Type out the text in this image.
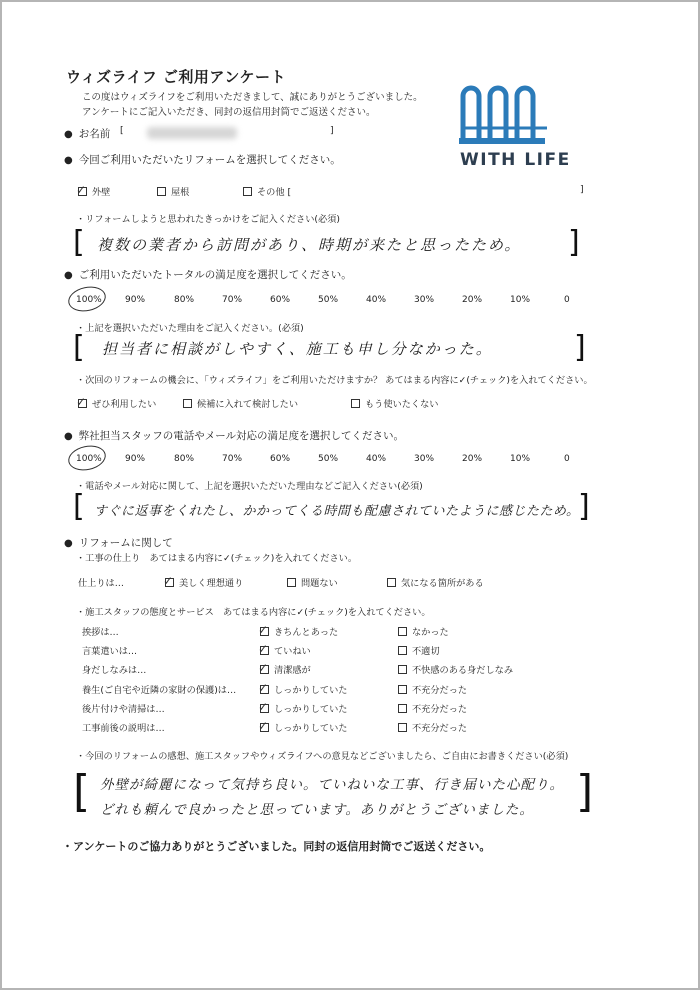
ウィズライフ ご利用アンケート
この度はウィズライフをご利用いただきまして、誠にありがとうございました。
アンケートにご記入いただき、同封の返信用封筒でご返送ください。
WITH LIFE
● お名前 [	]
● 今回ご利用いただいたリフォームを選択してください。
✓ 外壁	屋根	その他 [	]
・リフォームしようと思われたきっかけをご記入ください(必須)
[ 複数の業者から訪問があり、時期が来たと思ったため。 ]
● ご利用いただいたトータルの満足度を選択してください。
100%	90%	80%	70%	60%	50%	40%	30%	20%	10%	0
・上記を選択いただいた理由をご記入ください。(必須)
[ 担当者に相談がしやすく、施工も申し分なかった。	]
・次回のリフォームの機会に、「ウィズライフ」をご利用いただけますか？ あてはまる内容に✓(チェック)を入れてください。
✓ ぜひ利用したい	候補に入れて検討したい	もう使いたくない
● 弊社担当スタッフの電話やメール対応の満足度を選択してください。
100%	90%	80%	70%	60%	50%	40%	30%	20%	10%	0
・電話やメール対応に関して、上記を選択いただいた理由などご記入ください(必須)
[ すぐに返事をくれたし、かかってくる時間も配慮されていたように感じたため。
]
● リフォームに関して
・工事の仕上り　あてはまる内容に✓(チェック)を入れてください。
仕上りは…	✓ 美しく理想通り	問題ない	気になる箇所がある
・施工スタッフの態度とサービス　あてはまる内容に✓(チェック)を入れてください。
挨拶は…	✓ きちんとあった	なかった
言葉遣いは…	✓ ていねい	不適切
身だしなみは…	✓ 清潔感が	不快感のある身だしなみ
養生(ご自宅や近隣の家財の保護)は… ✓ しっかりしていた	不充分だった
後片付けや清掃は…	✓ しっかりしていた	不充分だった
工事前後の説明は…	✓ しっかりしていた	不充分だった
・今回のリフォームの感想、施工スタッフやウィズライフへの意見などございましたら、ご自由にお書きください(必須)
[ 外壁が綺麗になって気持ち良い。ていねいな工事、行き届いた心配り。
どれも頼んで良かったと思っています。ありがとうございました。 ]
・アンケートのご協力ありがとうございました。同封の返信用封筒でご返送ください。
